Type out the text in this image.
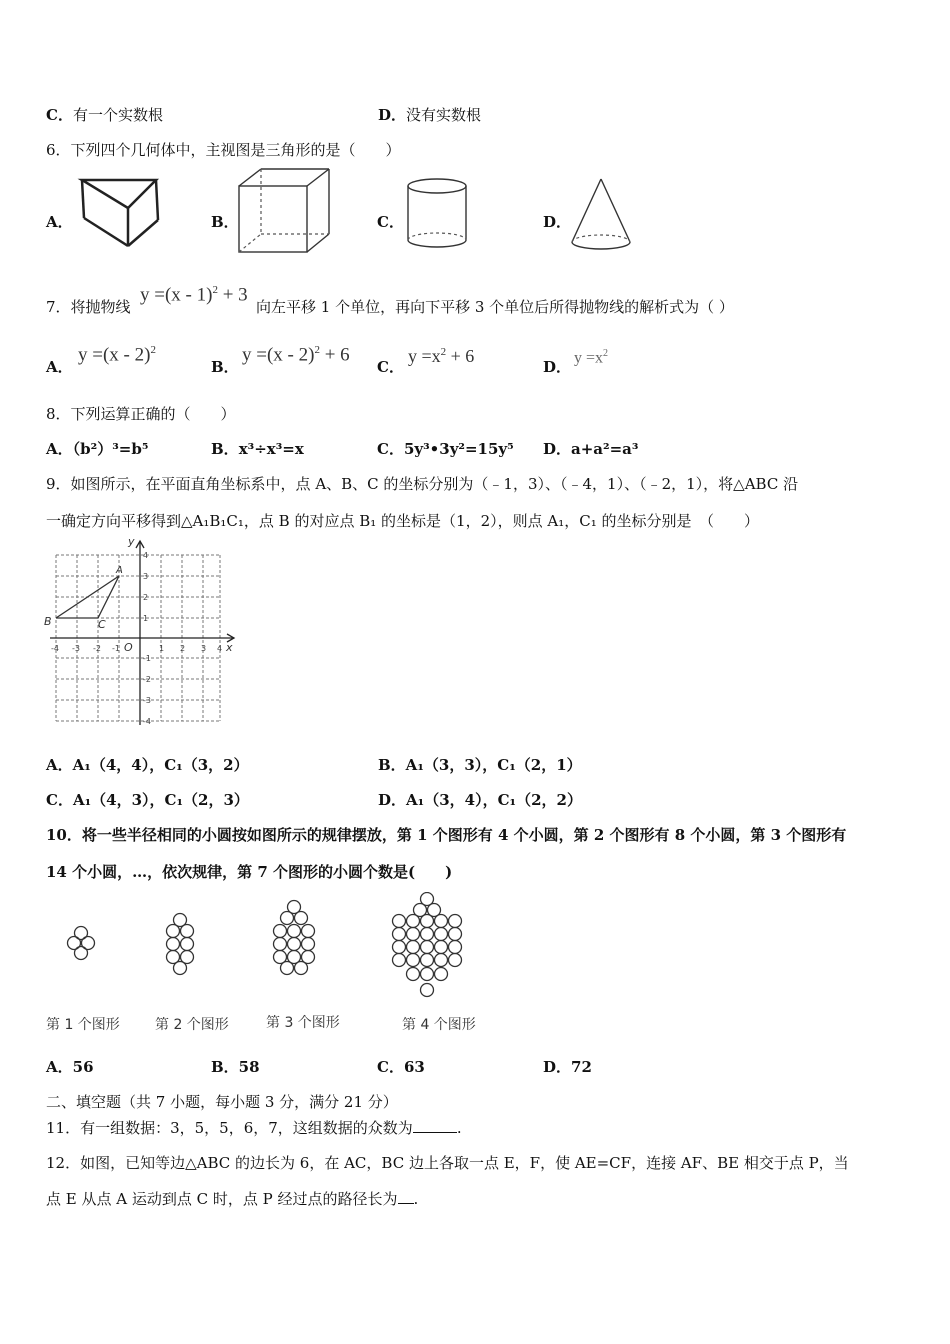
C．有一个实数根	D．没有实数根
6．下列四个几何体中，主视图是三角形的是（　　）
A．	B．	C．	D．
7．将抛物线
y =(x - 1)$^2$ + 3
向左平移 1 个单位，再向下平移 3 个单位后所得抛物线的解析式为（ ）
A．
y =(x - 2)$^2$
B．
y =(x - 2)$^2$ + 6
C．
$y =x^2 + 6$
D．
$y =x^2$
8．下列运算正确的（　　）
A．（b²）³=b⁵	B．x³÷x³=x	C．5y³•3y²=15y⁵ D．a+a²=a³
9．如图所示，在平面直角坐标系中，点 A、B、C 的坐标分别为（﹣1，3）、（﹣4，1）、（﹣2，1），将△ABC 沿
一确定方向平移得到△A₁B₁C₁，点 B 的对应点 B₁ 的坐标是（1，2），则点 A₁，C₁ 的坐标分别是　（　　）
x
y
O
A
B	C
-4 -3 -2 -1	1 2 3 4
4
3
2
1
-1
-2
-3
-4
A．A₁（4，4），C₁（3，2）	B．A₁（3，3），C₁（2，1）
C．A₁（4，3），C₁（2，3）	D．A₁（3，4），C₁（2，2）
10．将一些半径相同的小圆按如图所示的规律摆放，第 1 个图形有 4 个小圆，第 2 个图形有 8 个小圆，第 3 个图形有
14 个小圆，…，依次规律，第 7 个图形的小圆个数是(　　)
第 1 个图形	第 2 个图形	第 3 个图形	第 4 个图形
A．56	B．58	C．63	D．72
二、填空题（共 7 小题，每小题 3 分，满分 21 分）
11．有一组数据：3，5，5，6，7，这组数据的众数为	.
12．如图，已知等边△ABC 的边长为 6，在 AC，BC 边上各取一点 E，F，使 AE=CF，连接 AF、BE 相交于点 P，当
点 E 从点 A 运动到点 C 时，点 P 经过点的路径长为 .
